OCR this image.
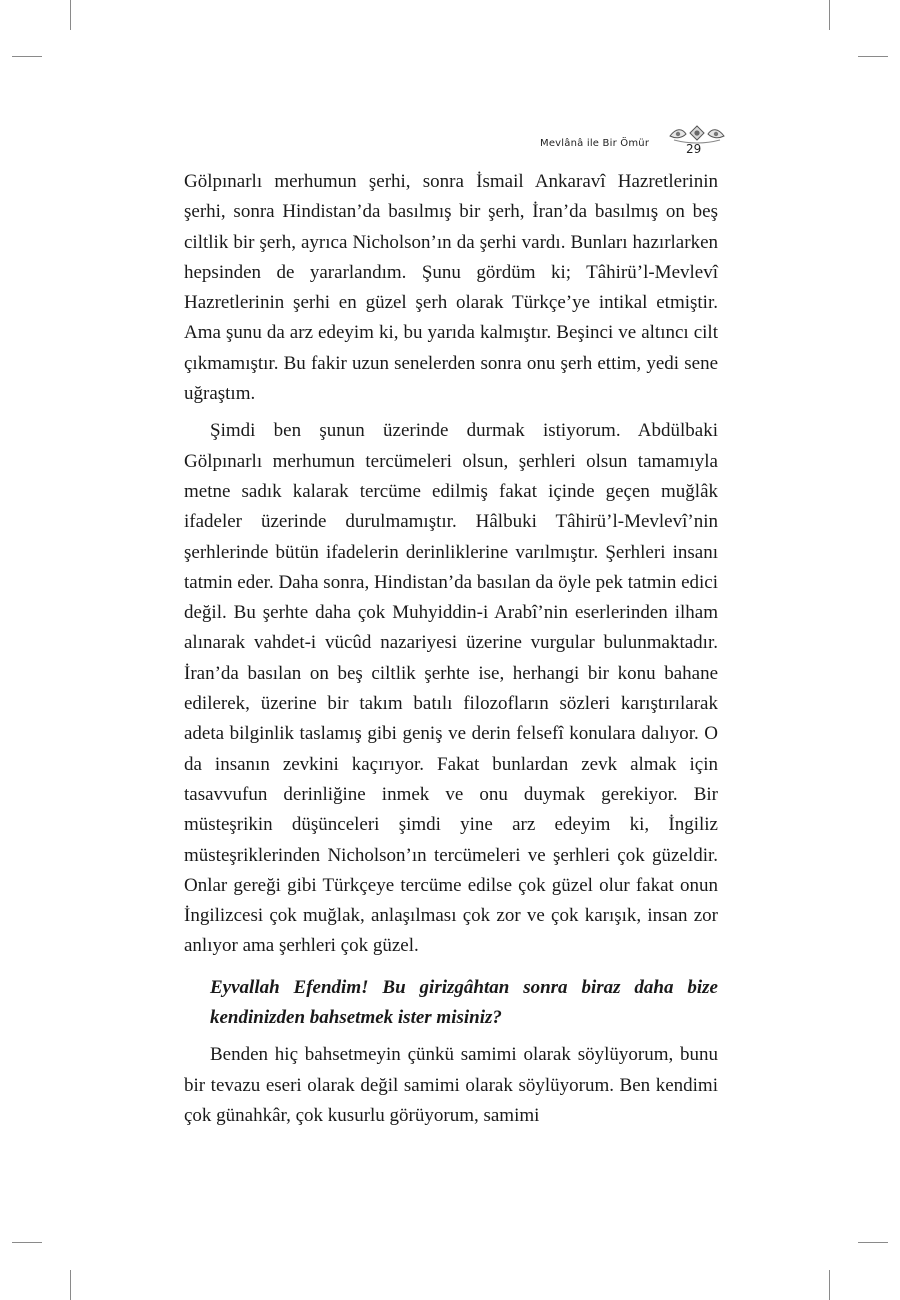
Mevlânâ ile Bir Ömür	29

Gölpınarlı merhumun şerhi, sonra İsmail Ankaravî Hazretlerinin şerhi, sonra Hindistan’da basılmış bir şerh, İran’da basılmış on beş ciltlik bir şerh, ayrıca Nicholson’ın da şerhi vardı. Bunları hazırlarken hepsinden de yararlandım. Şunu gördüm ki; Tâhirü’l-Mevlevî Hazretlerinin şerhi en güzel şerh olarak Türkçe’ye intikal etmiştir. Ama şunu da arz edeyim ki, bu yarıda kalmıştır. Beşinci ve altıncı cilt çıkmamıştır. Bu fakir uzun senelerden sonra onu şerh ettim, yedi sene uğraştım.

Şimdi ben şunun üzerinde durmak istiyorum. Abdülbaki Gölpınarlı merhumun tercümeleri olsun, şerhleri olsun tamamıyla metne sadık kalarak tercüme edilmiş fakat içinde geçen muğlâk ifadeler üzerinde durulmamıştır. Hâlbuki Tâhirü’l-Mevlevî’nin şerhlerinde bütün ifadelerin derinliklerine varılmıştır. Şerhleri insanı tatmin eder. Daha sonra, Hindistan’da basılan da öyle pek tatmin edici değil. Bu şerhte daha çok Muhyiddin-i Arabî’nin eserlerinden ilham alınarak vahdet-i vücûd nazariyesi üzerine vurgular bulunmaktadır. İran’da basılan on beş ciltlik şerhte ise, herhangi bir konu bahane edilerek, üzerine bir takım batılı filozofların sözleri karıştırılarak adeta bilginlik taslamış gibi geniş ve derin felsefî konulara dalıyor. O da insanın zevkini kaçırıyor. Fakat bunlardan zevk almak için tasavvufun derinliğine inmek ve onu duymak gerekiyor. Bir müsteşrikin düşünceleri şimdi yine arz edeyim ki, İngiliz müsteşriklerinden Nicholson’ın tercümeleri ve şerhleri çok güzeldir. Onlar gereği gibi Türkçeye tercüme edilse çok güzel olur fakat onun İngilizcesi çok muğlak, anlaşılması çok zor ve çok karışık, insan zor anlıyor ama şerhleri çok güzel.

Eyvallah Efendim! Bu girizgâhtan sonra biraz daha bize kendinizden bahsetmek ister misiniz?

Benden hiç bahsetmeyin çünkü samimi olarak söylüyorum, bunu bir tevazu eseri olarak değil samimi olarak söylüyorum. Ben kendimi çok günahkâr, çok kusurlu görüyorum, samimi
